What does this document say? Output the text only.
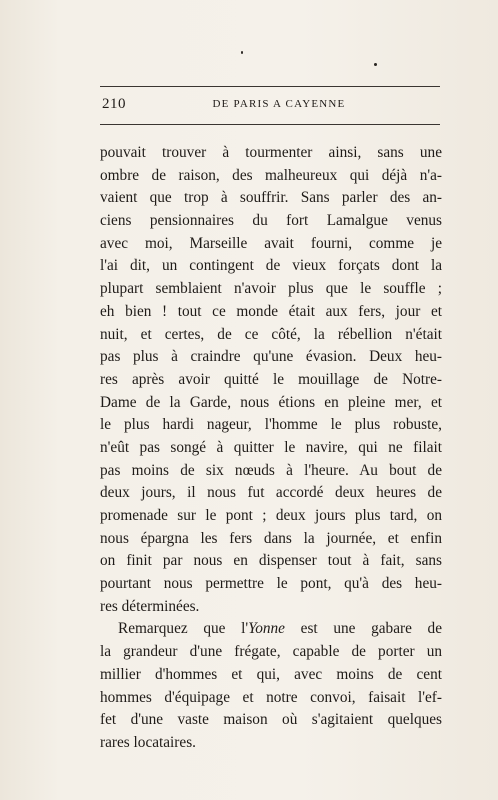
210	DE PARIS A CAYENNE
pouvait trouver à tourmenter ainsi, sans une
ombre de raison, des malheureux qui déjà n'a-
vaient que trop à souffrir. Sans parler des an-
ciens pensionnaires du fort Lamalgue venus
avec moi, Marseille avait fourni, comme je
l'ai dit, un contingent de vieux forçats dont la
plupart semblaient n'avoir plus que le souffle ;
eh bien ! tout ce monde était aux fers, jour et
nuit, et certes, de ce côté, la rébellion n'était
pas plus à craindre qu'une évasion. Deux heu-
res après avoir quitté le mouillage de Notre-
Dame de la Garde, nous étions en pleine mer, et
le plus hardi nageur, l'homme le plus robuste,
n'eût pas songé à quitter le navire, qui ne filait
pas moins de six nœuds à l'heure. Au bout de
deux jours, il nous fut accordé deux heures de
promenade sur le pont ; deux jours plus tard, on
nous épargna les fers dans la journée, et enfin
on finit par nous en dispenser tout à fait, sans
pourtant nous permettre le pont, qu'à des heu-
res déterminées.
Remarquez que l'Yonne est une gabare de
la grandeur d'une frégate, capable de porter un
millier d'hommes et qui, avec moins de cent
hommes d'équipage et notre convoi, faisait l'ef-
fet d'une vaste maison où s'agitaient quelques
rares locataires.
